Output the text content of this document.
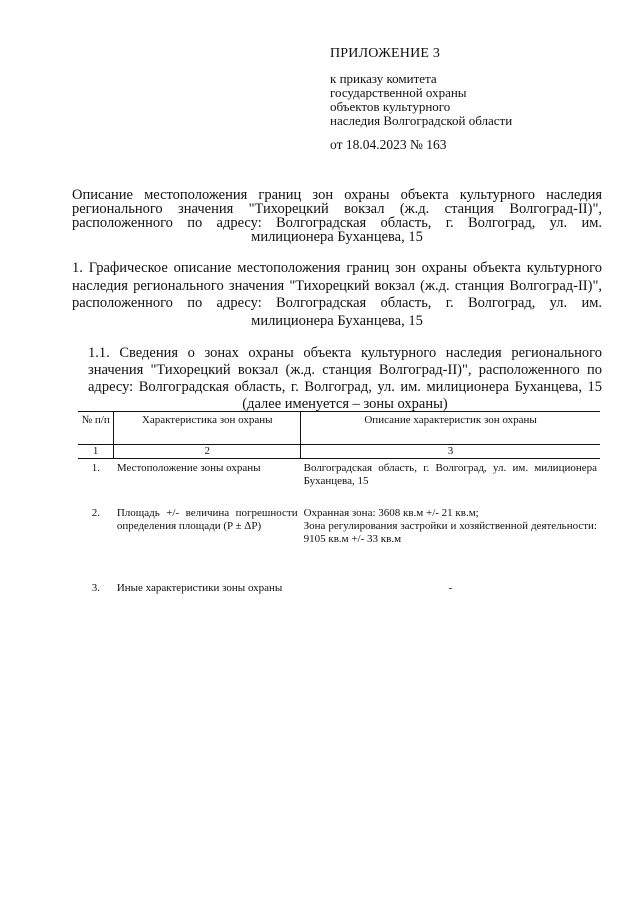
ПРИЛОЖЕНИЕ 3
к приказу комитета
государственной охраны
объектов культурного
наследия Волгоградской области
от 18.04.2023 № 163
Описание местоположения границ зон охраны объекта культурного наследия регионального значения "Тихорецкий вокзал (ж.д. станция Волгоград-II)", расположенного по адресу: Волгоградская область, г. Волгоград, ул. им. милиционера Буханцева, 15
1. Графическое описание местоположения границ зон охраны объекта культурного наследия регионального значения "Тихорецкий вокзал (ж.д. станция Волгоград-II)", расположенного по адресу: Волгоградская область, г. Волгоград, ул. им. милиционера Буханцева, 15
1.1. Сведения о зонах охраны объекта культурного наследия регионального значения "Тихорецкий вокзал (ж.д. станция Волгоград-II)", расположенного по адресу: Волгоградская область, г. Волгоград, ул. им. милиционера Буханцева, 15 (далее именуется – зоны охраны)
№ п/п	Характеристика зон охраны	Описание характеристик зон охраны
1	2	3
1.	Местоположение зоны охраны	Волгоградская область, г. Волгоград, ул. им. милиционера Буханцева, 15
2.	Площадь +/- величина погрешности определения площади (P ± ΔP)	Охранная зона: 3608 кв.м +/- 21 кв.м;
Зона регулирования застройки и хозяйственной деятельности: 9105 кв.м +/- 33 кв.м

3.	Иные характеристики зоны охраны	-
